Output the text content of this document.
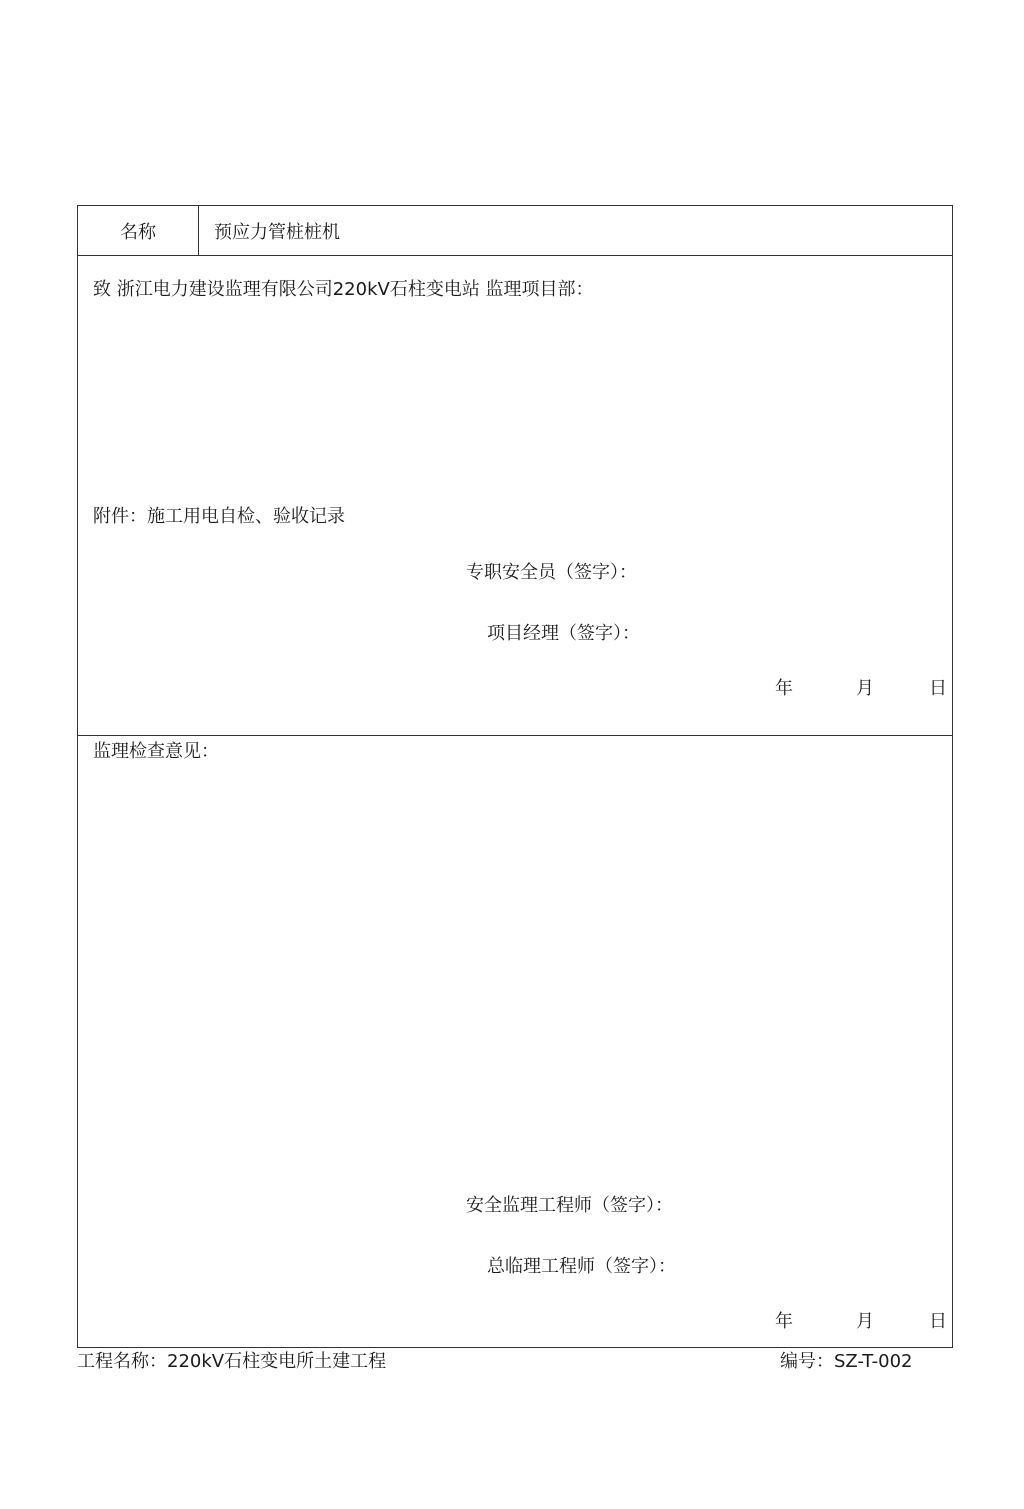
名称	预应力管桩桩机
致 浙江电力建设监理有限公司220kV石柱变电站 监理项目部：
附件：施工用电自检、验收记录
专职安全员（签字）：
项目经理（签字）：
年	月	日
监理检查意见：
安全监理工程师（签字）：
总临理工程师（签字）：
年	月	日
工程名称：220kV石柱变电所土建工程	编号：SZ-T-002
